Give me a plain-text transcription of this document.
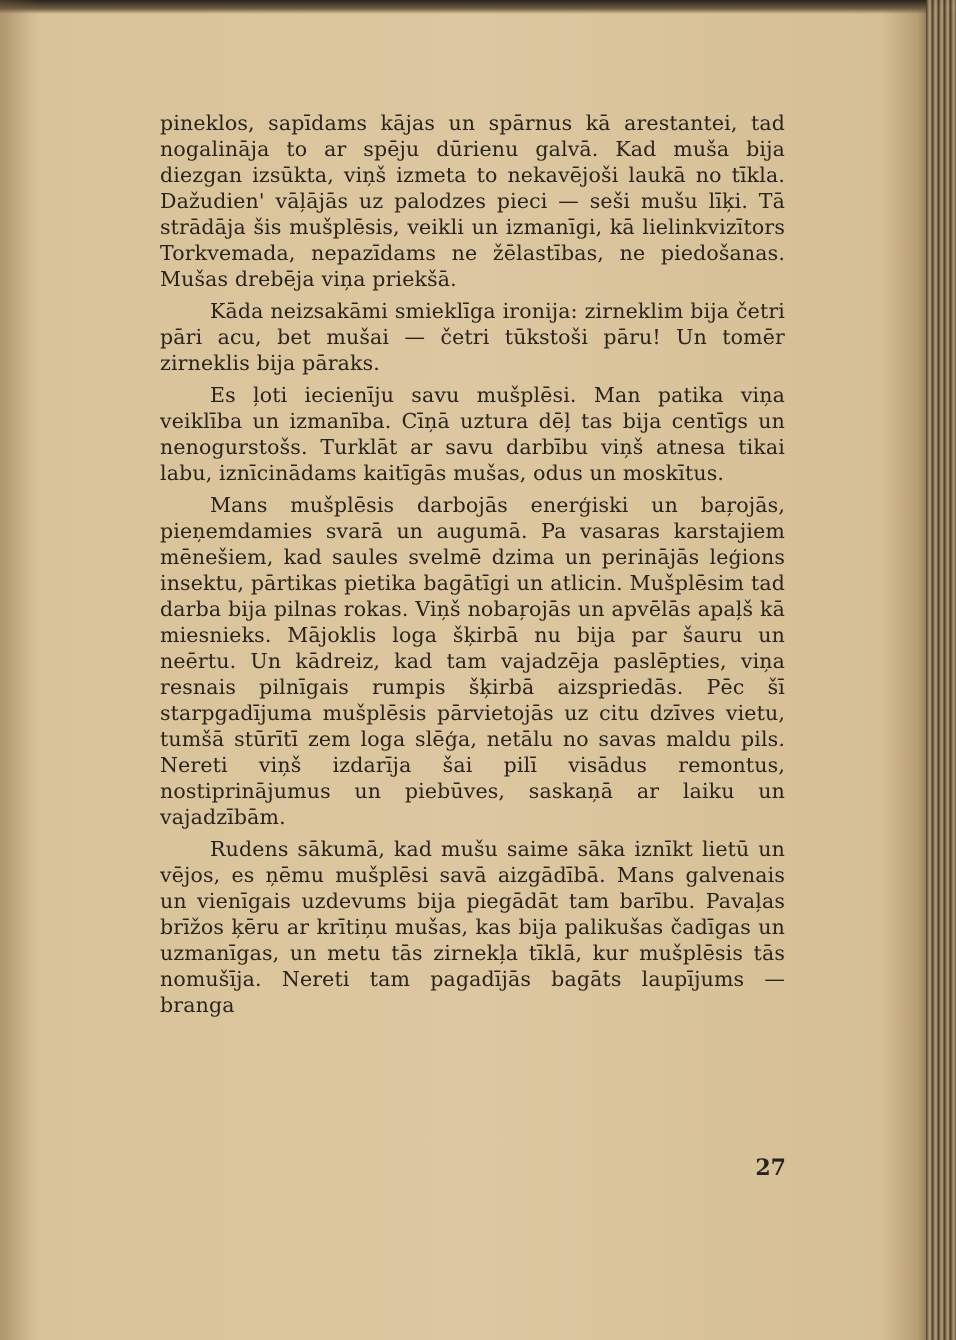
pineklos, sapīdams kājas un spārnus kā arestantei, tad nogalināja to ar spēju dūrienu galvā. Kad muša bija diezgan izsūkta, viņš izmeta to nekavējoši laukā no tīkla. Dažudien' vāļājās uz palodzes pieci — seši mušu līķi. Tā strādāja šis mušplēsis, veikli un izmanīgi, kā lielinkvizītors Torkvemada, nepazīdams ne žēlastības, ne piedošanas. Mušas drebēja viņa priekšā.

Kāda neizsakāmi smieklīga ironija: zirneklim bija četri pāri acu, bet mušai — četri tūkstoši pāru! Un tomēr zirneklis bija pāraks.

Es ļoti iecienīju savu mušplēsi. Man patika viņa veiklība un izmanība. Cīņā uztura dēļ tas bija centīgs un nenogurstošs. Turklāt ar savu darbību viņš atnesa tikai labu, iznīcinādams kaitīgās mušas, odus un moskītus.

Mans mušplēsis darbojās enerģiski un baŗojās, pieņemdamies svarā un augumā. Pa vasaras karstajiem mēnešiem, kad saules svelmē dzima un perinājās leģions insektu, pārtikas pietika bagātīgi un atlicin. Mušplēsim tad darba bija pilnas rokas. Viņš nobaŗojās un apvēlās apaļš kā miesnieks. Mājoklis loga šķirbā nu bija par šauru un neērtu. Un kādreiz, kad tam vajadzēja paslēpties, viņa resnais pilnīgais rumpis šķirbā aizspriedās. Pēc šī starpgadījuma mušplēsis pārvietojās uz citu dzīves vietu, tumšā stūrītī zem loga slēģa, netālu no savas maldu pils. Nereti viņš izdarīja šai pilī visādus remontus, nostiprinājumus un piebūves, saskaņā ar laiku un vajadzībām.

Rudens sākumā, kad mušu saime sāka iznīkt lietū un vējos, es ņēmu mušplēsi savā aizgādībā. Mans galvenais un vienīgais uzdevums bija piegādāt tam barību. Pavaļas brīžos ķēru ar krītiņu mušas, kas bija palikušas čadīgas un uzmanīgas, un metu tās zirnekļa tīklā, kur mušplēsis tās nomušīja. Nereti tam pagadījās bagāts laupījums — branga

27
